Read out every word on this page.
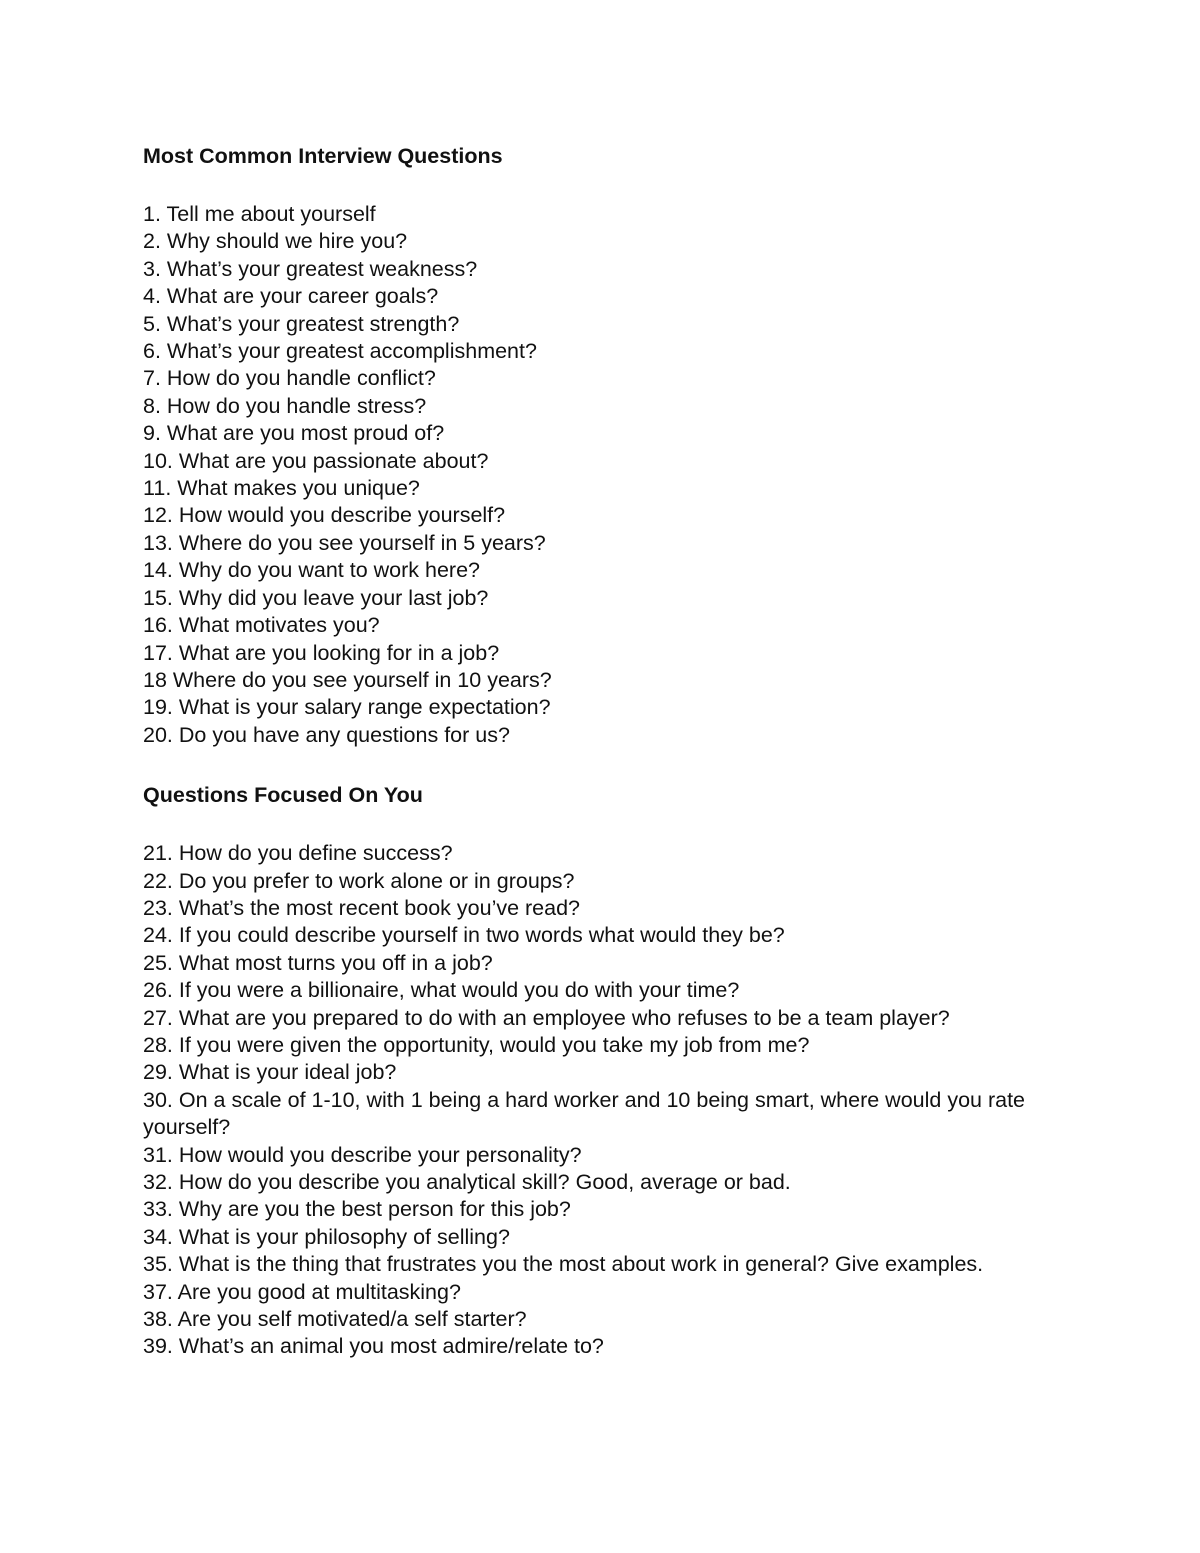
Most Common Interview Questions
1. Tell me about yourself
2. Why should we hire you?
3. What’s your greatest weakness?
4. What are your career goals?
5. What’s your greatest strength?
6. What’s your greatest accomplishment?
7. How do you handle conflict?
8. How do you handle stress?
9. What are you most proud of?
10. What are you passionate about?
11. What makes you unique?
12. How would you describe yourself?
13. Where do you see yourself in 5 years?
14. Why do you want to work here?
15. Why did you leave your last job?
16. What motivates you?
17. What are you looking for in a job?
18 Where do you see yourself in 10 years?
19. What is your salary range expectation?
20. Do you have any questions for us?
Questions Focused On You
21. How do you define success?
22. Do you prefer to work alone or in groups?
23. What’s the most recent book you’ve read?
24. If you could describe yourself in two words what would they be?
25. What most turns you off in a job?
26. If you were a billionaire, what would you do with your time?
27. What are you prepared to do with an employee who refuses to be a team player?
28. If you were given the opportunity, would you take my job from me?
29. What is your ideal job?
30. On a scale of 1-10, with 1 being a hard worker and 10 being smart, where would you rate yourself?
31. How would you describe your personality?
32. How do you describe you analytical skill? Good, average or bad.
33. Why are you the best person for this job?
34. What is your philosophy of selling?
35. What is the thing that frustrates you the most about work in general? Give examples.
37. Are you good at multitasking?
38. Are you self motivated/a self starter?
39. What’s an animal you most admire/relate to?
